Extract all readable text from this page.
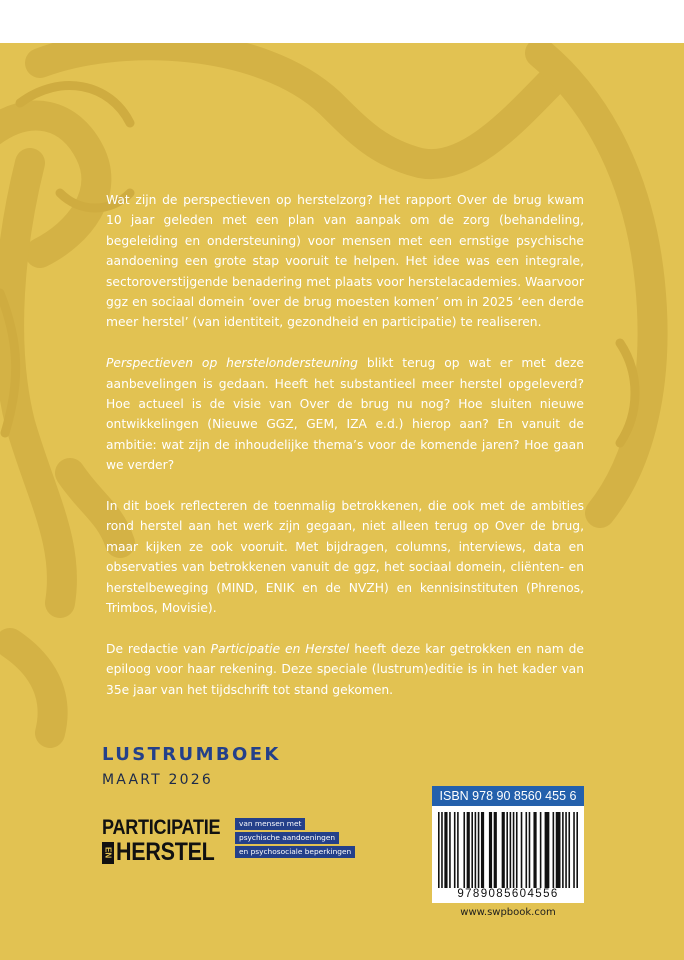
Wat zijn de perspectieven op herstelzorg? Het rapport Over de brug kwam 10 jaar geleden met een plan van aanpak om de zorg (behandeling, begeleiding en ondersteuning) voor mensen met een ernstige psychische aandoening een grote stap vooruit te helpen. Het idee was een integrale, sectoroverstijgende benadering met plaats voor herstelacademies. Waarvoor ggz en sociaal domein ‘over de brug moesten komen’ om in 2025 ‘een derde meer herstel’ (van identiteit, gezondheid en participatie) te realiseren.

Perspectieven op herstelondersteuning blikt terug op wat er met deze aanbevelingen is gedaan. Heeft het substantieel meer herstel opgeleverd? Hoe actueel is de visie van Over de brug nu nog? Hoe sluiten nieuwe ontwikkelingen (Nieuwe GGZ, GEM, IZA e.d.) hierop aan? En vanuit de ambitie: wat zijn de inhoudelijke thema’s voor de komende jaren? Hoe gaan we verder?

In dit boek reflecteren de toenmalig betrokkenen, die ook met de ambities rond herstel aan het werk zijn gegaan, niet alleen terug op Over de brug, maar kijken ze ook vooruit. Met bijdragen, columns, interviews, data en observaties van betrokkenen vanuit de ggz, het sociaal domein, cliënten- en herstelbeweging (MIND, ENIK en de NVZH) en kennisinstituten (Phrenos, Trimbos, Movisie).

De redactie van Participatie en Herstel heeft deze kar getrokken en nam de epiloog voor haar rekening. Deze speciale (lustrum)editie is in het kader van 35e jaar van het tijdschrift tot stand gekomen.

LUSTRUMBOEK
MAART 2026
PARTICIPATIE
EN HERSTEL
van mensen met
psychische aandoeningen
en psychosociale beperkingen
ISBN 978 90 8560 455 6
9789085604556
www.swpbook.com
